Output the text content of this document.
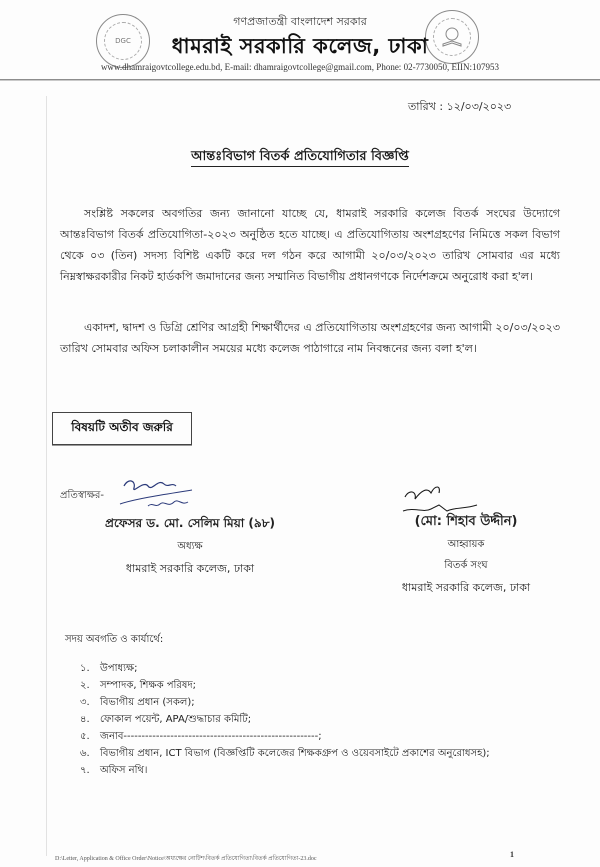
DGC
গণপ্রজাতন্ত্রী বাংলাদেশ সরকার
ধামরাই সরকারি কলেজ, ঢাকা
www.dhamraigovtcollege.edu.bd, E-mail: dhamraigovtcollege@gmail.com, Phone: 02-7730050, EIIN:107953
তারিখ : ১২/০৩/২০২৩
আন্তঃবিভাগ বিতর্ক প্রতিযোগিতার বিজ্ঞপ্তি
সংশ্লিষ্ট সকলের অবগতির জন্য জানানো যাচ্ছে যে, ধামরাই সরকারি কলেজ বিতর্ক সংঘের উদ্যোগে আন্তঃবিভাগ বিতর্ক প্রতিযোগিতা-২০২৩ অনুষ্ঠিত হতে যাচ্ছে। এ প্রতিযোগিতায় অংশগ্রহণের নিমিত্তে সকল বিভাগ থেকে ০৩ (তিন) সদস্য বিশিষ্ট একটি করে দল গঠন করে আগামী ২০/০৩/২০২৩ তারিখ সোমবার এর মধ্যে নিম্নস্বাক্ষরকারীর নিকট হার্ডকপি জমাদানের জন্য সম্মানিত বিভাগীয় প্রধানগণকে নির্দেশক্রমে অনুরোধ করা হ'ল।
একাদশ, দ্বাদশ ও ডিগ্রি শ্রেণির আগ্রহী শিক্ষার্থীদের এ প্রতিযোগিতায় অংশগ্রহণের জন্য আগামী ২০/০৩/২০২৩ তারিখ সোমবার অফিস চলাকালীন সময়ের মধ্যে কলেজ পাঠাগারে নাম নিবন্ধনের জন্য বলা হ'ল।
বিষয়টি অতীব জরুরি
প্রতিস্বাক্ষর-
প্রফেসর ড. মো. সেলিম মিয়া (৯৮)
অধ্যক্ষ
ধামরাই সরকারি কলেজ, ঢাকা
(মো: শিহাব উদ্দীন)
আহ্বায়ক
বিতর্ক সংঘ
ধামরাই সরকারি কলেজ, ঢাকা
সদয় অবগতি ও কার্যার্থে:
১.	উপাধ্যক্ষ;
২.	সম্পাদক, শিক্ষক পরিষদ;
৩.	বিভাগীয় প্রধান (সকল);
৪.	ফোকাল পয়েন্ট, APA/শুদ্ধাচার কমিটি;
৫.	জনাব------------------------------------------------------;
৬.	বিভাগীয় প্রধান, ICT বিভাগ (বিজ্ঞপ্তিটি কলেজের শিক্ষকগ্রুপ ও ওয়েবসাইটে প্রকাশের অনুরোধসহ);
৭.	অফিস নথি।
D:\Letter, Application & Office Order\Notice\অধ্যক্ষের নোটিশ\বিতর্ক প্রতিযোগিতা\বিতর্ক প্রতিযোগিতা-23.doc	1
